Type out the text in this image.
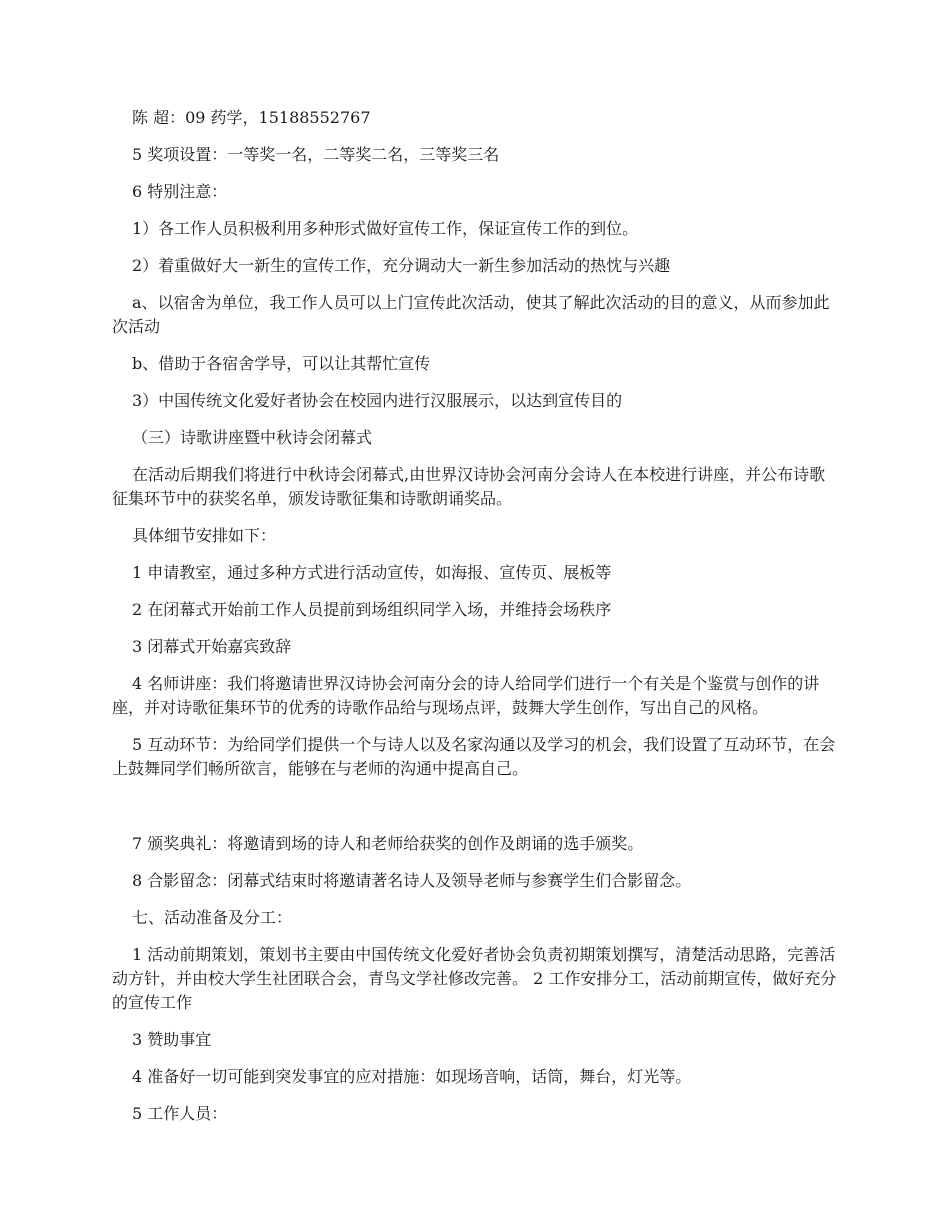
陈 超：09 药学，15188552767

5 奖项设置：一等奖一名，二等奖二名，三等奖三名

6 特别注意：

1）各工作人员积极利用多种形式做好宣传工作，保证宣传工作的到位。

2）着重做好大一新生的宣传工作，充分调动大一新生参加活动的热忱与兴趣

a、以宿舍为单位，我工作人员可以上门宣传此次活动，使其了解此次活动的目的意义，从而参加此次活动

b、借助于各宿舍学导，可以让其帮忙宣传

3）中国传统文化爱好者协会在校园内进行汉服展示，以达到宣传目的

（三）诗歌讲座暨中秋诗会闭幕式

在活动后期我们将进行中秋诗会闭幕式,由世界汉诗协会河南分会诗人在本校进行讲座，并公布诗歌征集环节中的获奖名单，颁发诗歌征集和诗歌朗诵奖品。

具体细节安排如下：

1 申请教室，通过多种方式进行活动宣传，如海报、宣传页、展板等

2 在闭幕式开始前工作人员提前到场组织同学入场，并维持会场秩序

3 闭幕式开始嘉宾致辞

4 名师讲座：我们将邀请世界汉诗协会河南分会的诗人给同学们进行一个有关是个鉴赏与创作的讲座，并对诗歌征集环节的优秀的诗歌作品给与现场点评，鼓舞大学生创作，写出自己的风格。

5 互动环节：为给同学们提供一个与诗人以及名家沟通以及学习的机会，我们设置了互动环节，在会上鼓舞同学们畅所欲言，能够在与老师的沟通中提高自己。

7 颁奖典礼：将邀请到场的诗人和老师给获奖的创作及朗诵的选手颁奖。

8 合影留念：闭幕式结束时将邀请著名诗人及领导老师与参赛学生们合影留念。

七、活动准备及分工：

1 活动前期策划，策划书主要由中国传统文化爱好者协会负责初期策划撰写，清楚活动思路，完善活动方针，并由校大学生社团联合会，青鸟文学社修改完善。 2 工作安排分工，活动前期宣传，做好充分的宣传工作

3 赞助事宜

4 准备好一切可能到突发事宜的应对措施：如现场音响，话筒，舞台，灯光等。

5 工作人员：
